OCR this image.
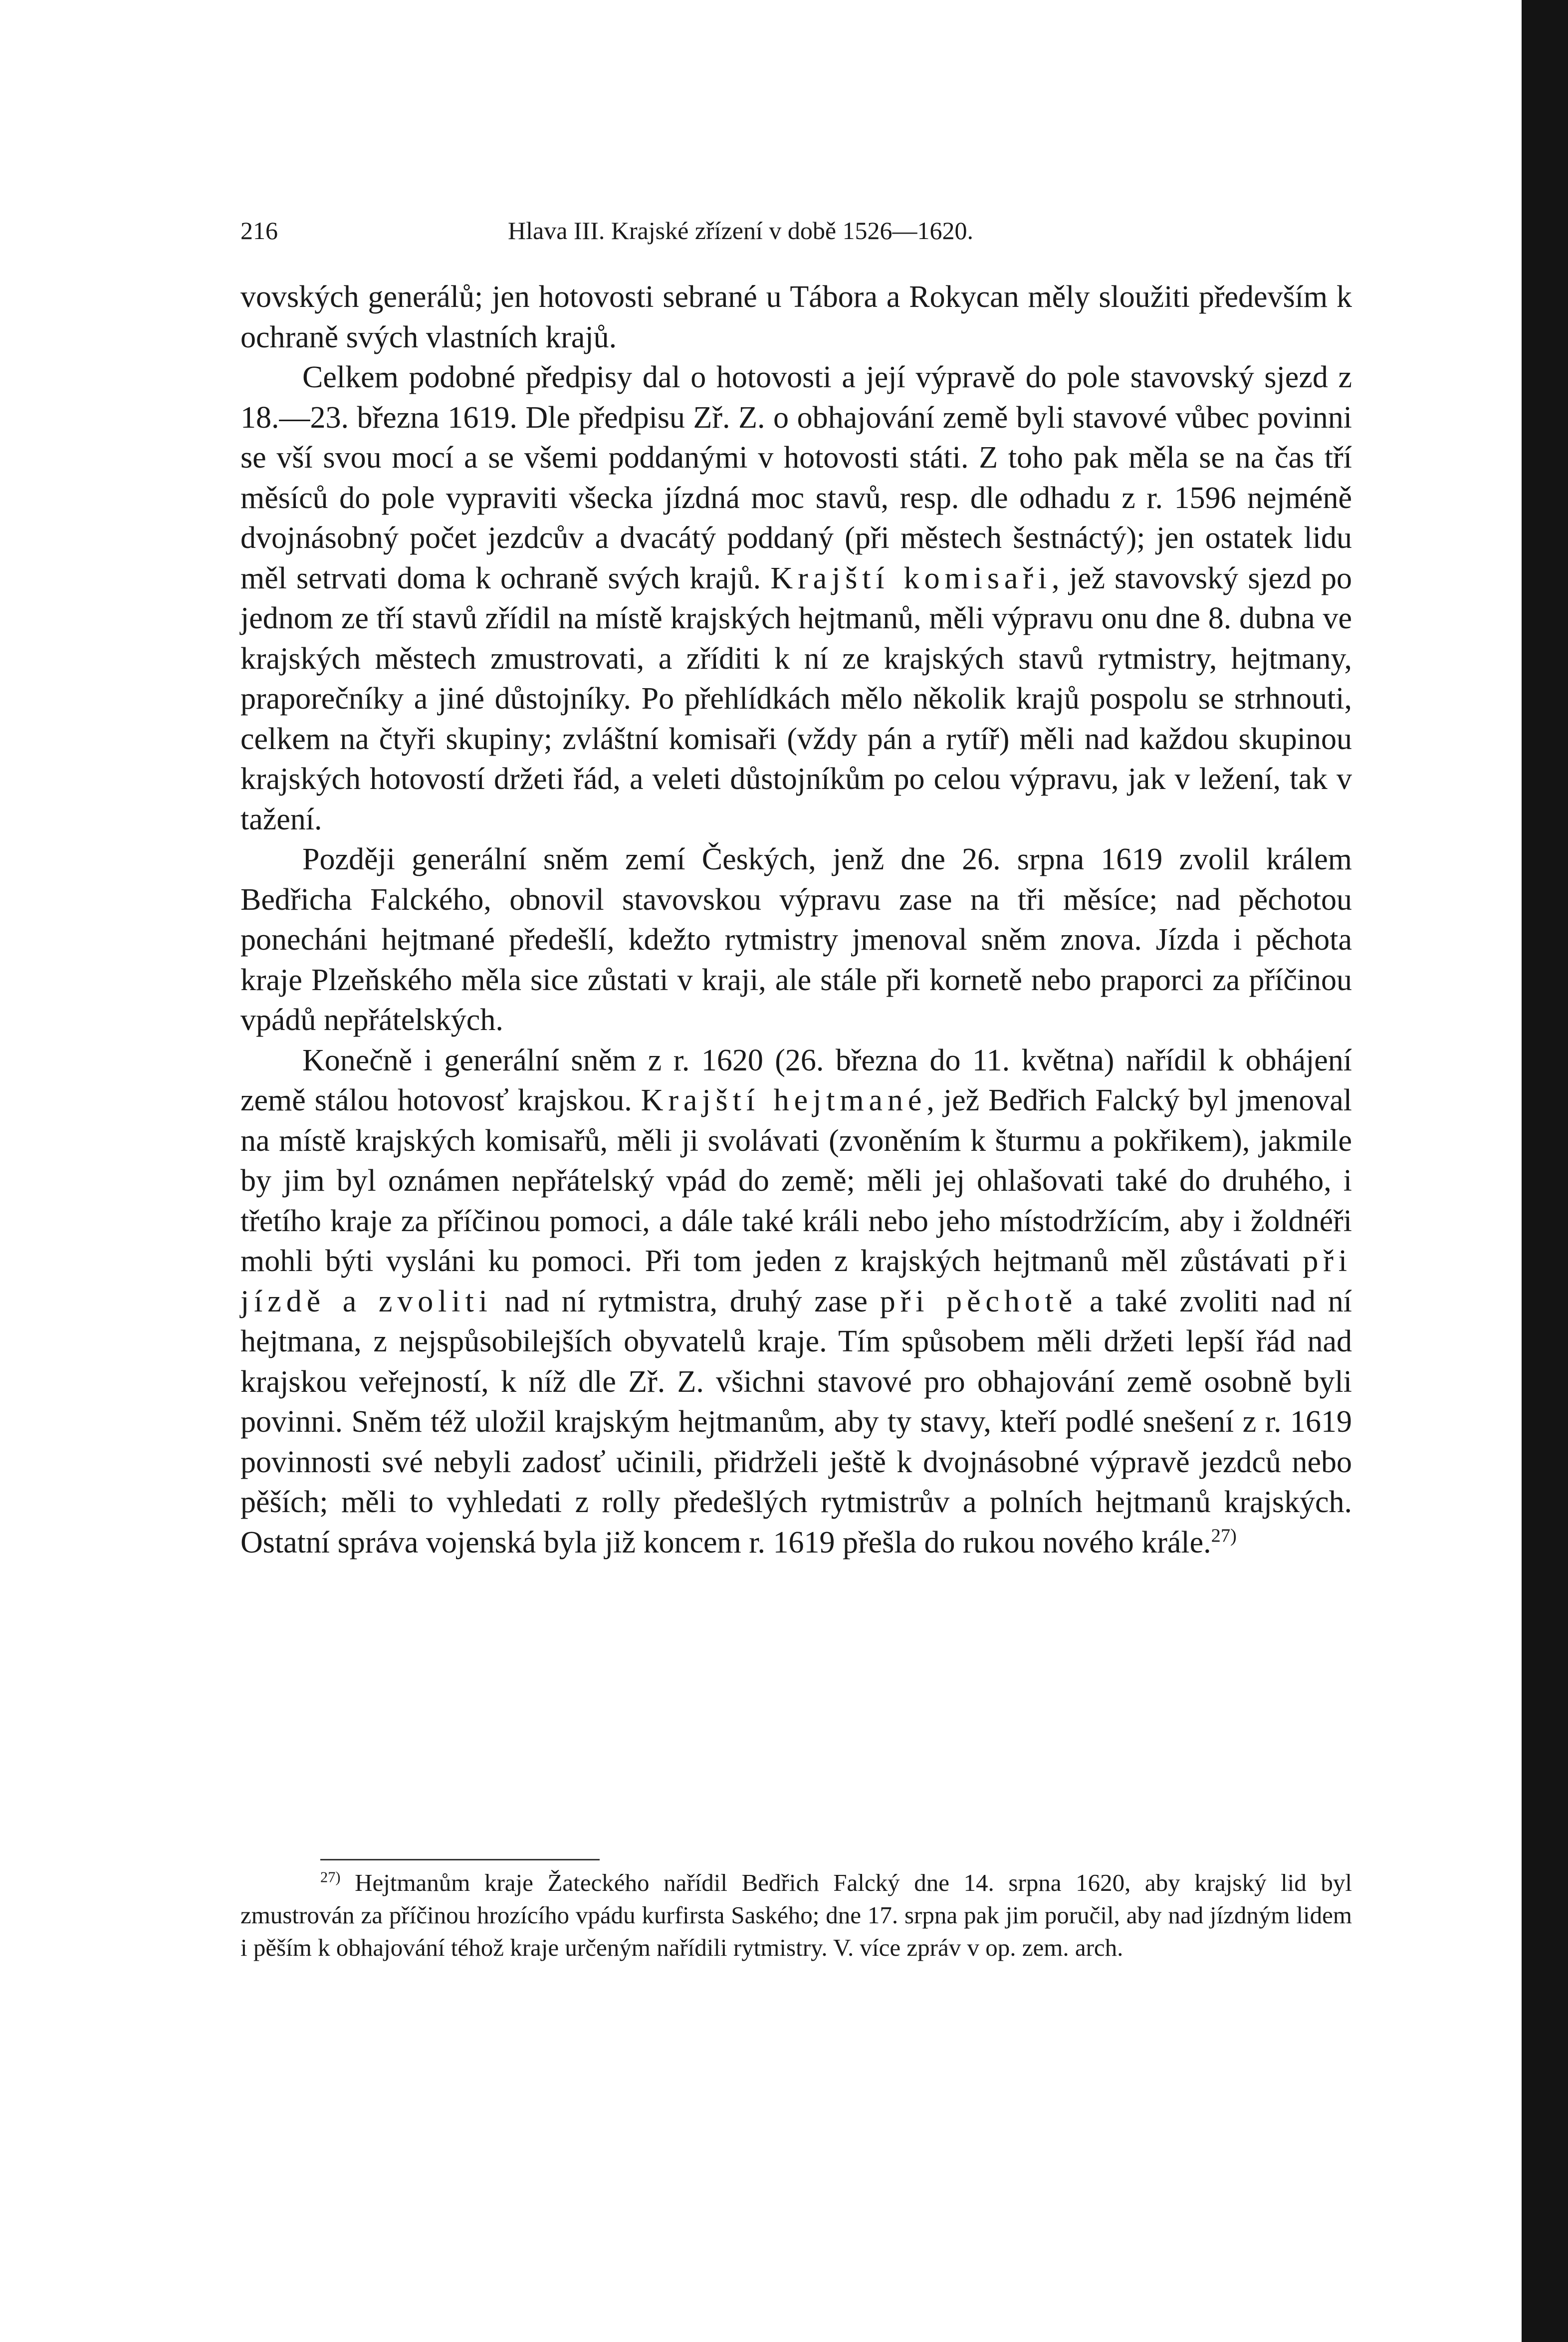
216	Hlava III. Krajské zřízení v době 1526—1620.

vovských generálů; jen hotovosti sebrané u Tábora a Rokycan měly sloužiti především k ochraně svých vlastních krajů.

Celkem podobné předpisy dal o hotovosti a její výpravě do pole stavovský sjezd z 18.—23. března 1619. Dle předpisu Zř. Z. o obhajování země byli stavové vůbec povinni se vší svou mocí a se všemi poddanými v hotovosti státi. Z toho pak měla se na čas tří měsíců do pole vypraviti všecka jízdná moc stavů, resp. dle odhadu z r. 1596 nejméně dvojnásobný počet jezdcův a dvacátý poddaný (při městech šestnáctý); jen ostatek lidu měl setrvati doma k ochraně svých krajů. Krajští komisaři, jež stavovský sjezd po jednom ze tří stavů zřídil na místě krajských hejtmanů, měli výpravu onu dne 8. dubna ve krajských městech zmustrovati, a zříditi k ní ze krajských stavů rytmistry, hejtmany, praporečníky a jiné důstojníky. Po přehlídkách mělo několik krajů pospolu se strhnouti, celkem na čtyři skupiny; zvláštní komisaři (vždy pán a rytíř) měli nad každou skupinou krajských hotovostí držeti řád, a veleti důstojníkům po celou výpravu, jak v ležení, tak v tažení.

Později generální sněm zemí Českých, jenž dne 26. srpna 1619 zvolil králem Bedřicha Falckého, obnovil stavovskou výpravu zase na tři měsíce; nad pěchotou ponecháni hejtmané předešlí, kdežto rytmistry jmenoval sněm znova. Jízda i pěchota kraje Plzeňského měla sice zůstati v kraji, ale stále při kornetě nebo praporci za příčinou vpádů nepřátelských.

Konečně i generální sněm z r. 1620 (26. března do 11. května) nařídil k obhájení země stálou hotovosť krajskou. Krajští hejtmané, jež Bedřich Falcký byl jmenoval na místě krajských komisařů, měli ji svolávati (zvoněním k šturmu a pokřikem), jakmile by jim byl oznámen nepřátelský vpád do země; měli jej ohlašovati také do druhého, i třetího kraje za příčinou pomoci, a dále také králi nebo jeho místodržícím, aby i žoldnéři mohli býti vysláni ku pomoci. Při tom jeden z krajských hejtmanů měl zůstávati při jízdě a zvoliti nad ní rytmistra, druhý zase při pěchotě a také zvoliti nad ní hejtmana, z nejspůsobilejších obyvatelů kraje. Tím spůsobem měli držeti lepší řád nad krajskou veřejností, k níž dle Zř. Z. všichni stavové pro obhajování země osobně byli povinni. Sněm též uložil krajským hejtmanům, aby ty stavy, kteří podlé snešení z r. 1619 povinnosti své nebyli zadosť učinili, přidrželi ještě k dvojnásobné výpravě jezdců nebo pěších; měli to vyhledati z rolly předešlých rytmistrův a polních hejtmanů krajských. Ostatní správa vojenská byla již koncem r. 1619 přešla do rukou nového krále.$^{27)}$

$^{27)}$ Hejtmanům kraje Žateckého nařídil Bedřich Falcký dne 14. srpna 1620, aby krajský lid byl zmustrován za příčinou hrozícího vpádu kurfirsta Saského; dne 17. srpna pak jim poručil, aby nad jízdným lidem i pěším k obhajování téhož kraje určeným nařídili rytmistry. V. více zpráv v op. zem. arch.
